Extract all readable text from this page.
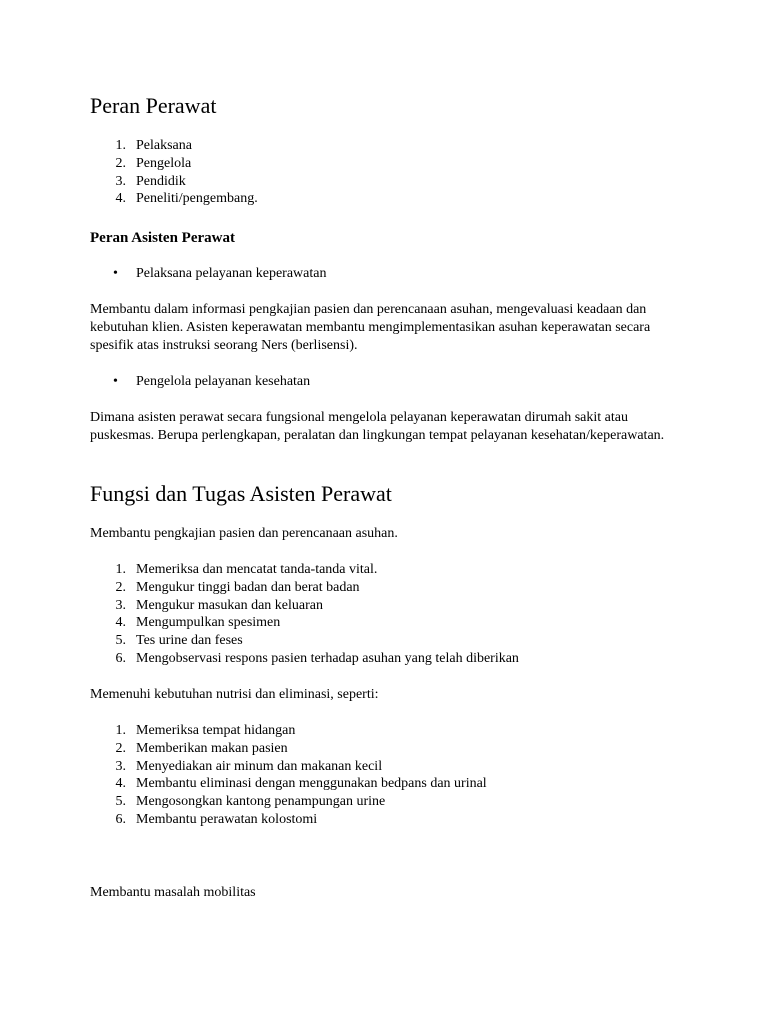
Peran Perawat
1. Pelaksana
2. Pengelola
3. Pendidik
4. Peneliti/pengembang.
Peran Asisten Perawat
•	Pelaksana pelayanan keperawatan

Membantu dalam informasi pengkajian pasien dan perencanaan asuhan, mengevaluasi keadaan dan kebutuhan klien. Asisten keperawatan membantu mengimplementasikan asuhan keperawatan secara spesifik atas instruksi seorang Ners (berlisensi).

•	Pengelola pelayanan kesehatan

Dimana asisten perawat secara fungsional mengelola pelayanan keperawatan dirumah sakit atau puskesmas. Berupa perlengkapan, peralatan dan lingkungan tempat pelayanan kesehatan/keperawatan.

Fungsi dan Tugas Asisten Perawat

Membantu pengkajian pasien dan perencanaan asuhan.

1. Memeriksa dan mencatat tanda-tanda vital.
2. Mengukur tinggi badan dan berat badan
3. Mengukur masukan dan keluaran
4. Mengumpulkan spesimen
5. Tes urine dan feses
6. Mengobservasi respons pasien terhadap asuhan yang telah diberikan

Memenuhi kebutuhan nutrisi dan eliminasi, seperti:

1. Memeriksa tempat hidangan
2. Memberikan makan pasien
3. Menyediakan air minum dan makanan kecil
4. Membantu eliminasi dengan menggunakan bedpans dan urinal
5. Mengosongkan kantong penampungan urine
6. Membantu perawatan kolostomi

Membantu masalah mobilitas
